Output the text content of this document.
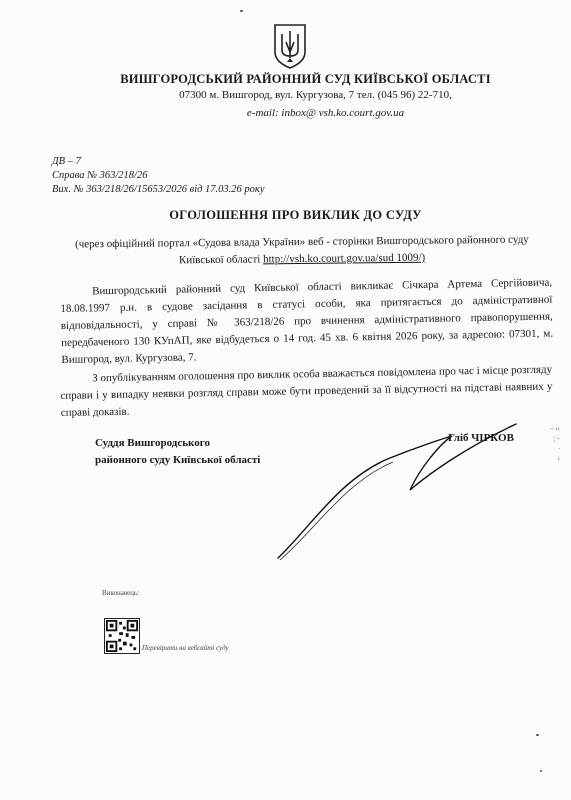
ВИШГОРОДСЬКИЙ РАЙОННИЙ СУД КИЇВСЬКОЇ ОБЛАСТІ
07300 м. Вишгород, вул. Кургузова, 7 тел. (045 96) 22-710,
e-mail: inbox@ vsh.ko.court.gov.ua
ДВ – 7
Справа № 363/218/26
Вих. № 363/218/26/15653/2026 від 17.03.26 року
ОГОЛОШЕННЯ ПРО ВИКЛИК ДО СУДУ
(через офіційний портал «Судова влада України» веб - сторінки Вишгородського районного суду Київської області http://vsh.ko.court.gov.ua/sud 1009/)
Вишгородський районний суд Київської області викликає Січкара Артема Сергійовича, 18.08.1997 р.н. в судове засідання в статусі особи, яка притягається до адміністративної відповідальності, у справі № 363/218/26 про вчинення адміністративного правопорушення, передбаченого 130 КУпАП, яке відбудеться о 14 год. 45 хв. 6 квітня 2026 року, за адресою: 07301, м. Вишгород, вул. Кургузова, 7.
З опублікуванням оголошення про виклик особа вважається повідомлена про час і місце розгляду справи і у випадку неявки розгляд справи може бути проведений за її відсутності на підставі наявних у справі доказів.
Суддя Вишгородського
районного суду Київської області
Гліб ЧІРКОВ
∙∙ ‹‹
¦ ∙∙
∙
‹
Виконавець:
Перевірити на вебсайті суду
